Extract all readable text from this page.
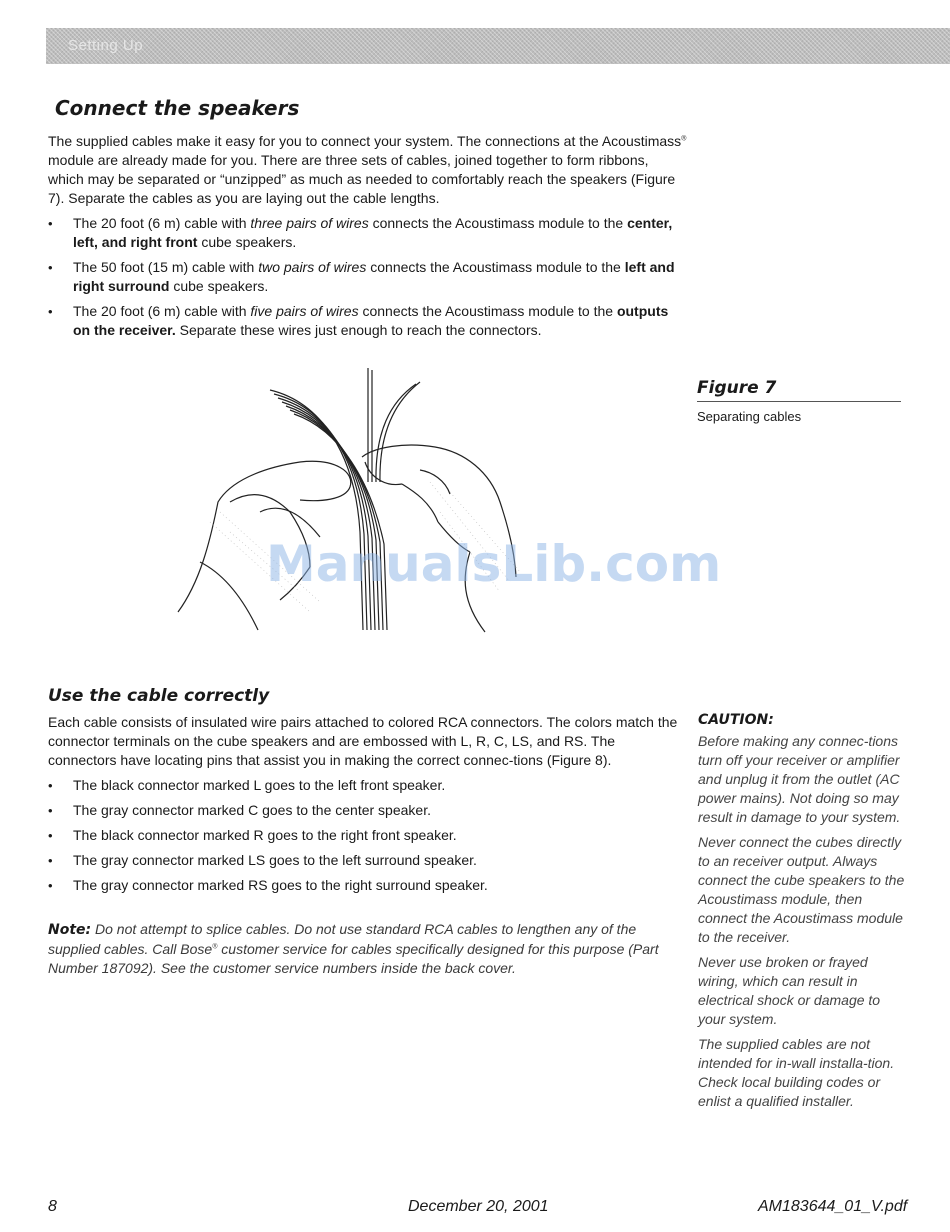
Setting Up
Connect the speakers

The supplied cables make it easy for you to connect your system. The connections at the Acoustimass® module are already made for you. There are three sets of cables, joined together to form ribbons, which may be separated or “unzipped” as much as needed to comfortably reach the speakers (Figure 7). Separate the cables as you are laying out the cable lengths.

• The 20 foot (6 m) cable with three pairs of wires connects the Acoustimass module to the center, left, and right front cube speakers.
• The 50 foot (15 m) cable with two pairs of wires connects the Acoustimass module to the left and right surround cube speakers.
• The 20 foot (6 m) cable with five pairs of wires connects the Acoustimass module to the outputs on the receiver. Separate these wires just enough to reach the connectors.
ManualsLib.com
Figure 7
Separating cables
Use the cable correctly

Each cable consists of insulated wire pairs attached to colored RCA connectors. The colors match the connector terminals on the cube speakers and are embossed with L, R, C, LS, and RS. The connectors have locating pins that assist you in making the correct connec-tions (Figure 8).

• The black connector marked L goes to the left front speaker.
• The gray connector marked C goes to the center speaker.
• The black connector marked R goes to the right front speaker.
• The gray connector marked LS goes to the left surround speaker.
• The gray connector marked RS goes to the right surround speaker.
Note: Do not attempt to splice cables. Do not use standard RCA cables to lengthen any of the supplied cables. Call Bose® customer service for cables specifically designed for this purpose (Part Number 187092). See the customer service numbers inside the back cover.
CAUTION:

Before making any connec-tions turn off your receiver or amplifier and unplug it from the outlet (AC power mains). Not doing so may result in damage to your system.

Never connect the cubes directly to an receiver output. Always connect the cube speakers to the Acoustimass module, then connect the Acoustimass module to the receiver.

Never use broken or frayed wiring, which can result in electrical shock or damage to your system.

The supplied cables are not intended for in-wall installa-tion. Check local building codes or enlist a qualified installer.

8	December 20, 2001	AM183644_01_V.pdf
